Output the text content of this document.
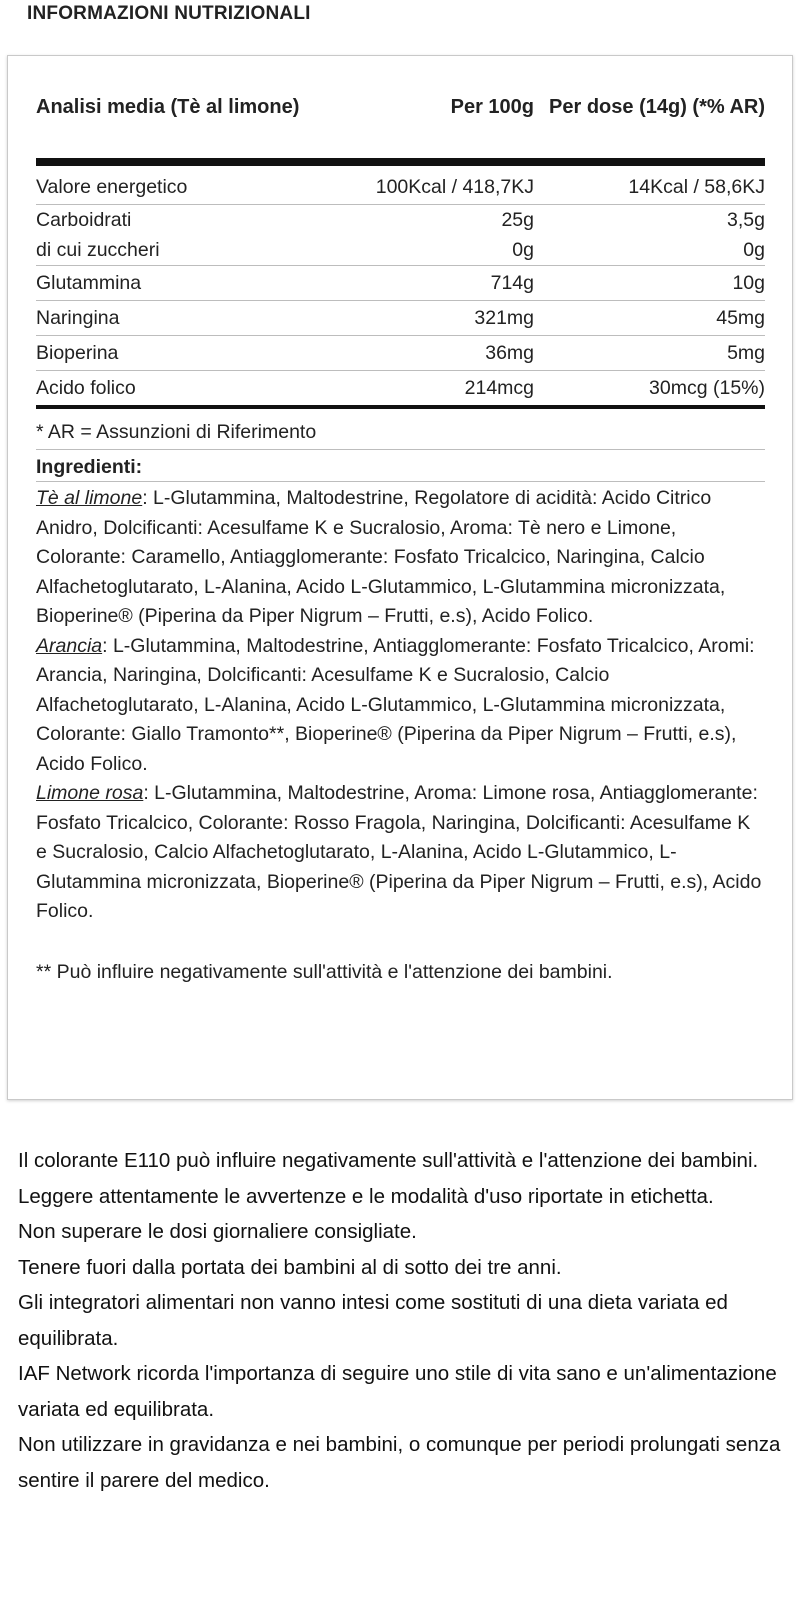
INFORMAZIONI NUTRIZIONALI
Analisi media (Tè al limone)	Per 100g	Per dose (14g) (*% AR)
Valore energetico	100Kcal / 418,7KJ	14Kcal / 58,6KJ
Carboidrati	25g	3,5g
di cui zuccheri	0g	0g
Glutammina	714g	10g
Naringina	321mg	45mg
Bioperina	36mg	5mg
Acido folico	214mcg	30mcg (15%)
* AR = Assunzioni di Riferimento
Ingredienti:

Tè al limone: L-Glutammina, Maltodestrine, Regolatore di acidità: Acido Citrico Anidro, Dolcificanti: Acesulfame K e Sucralosio, Aroma: Tè nero e Limone, Colorante: Caramello, Antiagglomerante: Fosfato Tricalcico, Naringina, Calcio Alfachetoglutarato, L-Alanina, Acido L-Glutammico, L-Glutammina micronizzata, Bioperine® (Piperina da Piper Nigrum – Frutti, e.s), Acido Folico.

Arancia: L-Glutammina, Maltodestrine, Antiagglomerante: Fosfato Tricalcico, Aromi: Arancia, Naringina, Dolcificanti: Acesulfame K e Sucralosio, Calcio Alfachetoglutarato, L-Alanina, Acido L-Glutammico, L-Glutammina micronizzata, Colorante: Giallo Tramonto**, Bioperine® (Piperina da Piper Nigrum – Frutti, e.s), Acido Folico.

Limone rosa: L-Glutammina, Maltodestrine, Aroma: Limone rosa, Antiagglomerante: Fosfato Tricalcico, Colorante: Rosso Fragola, Naringina, Dolcificanti: Acesulfame K e Sucralosio, Calcio Alfachetoglutarato, L-Alanina, Acido L-Glutammico, L-Glutammina micronizzata, Bioperine® (Piperina da Piper Nigrum – Frutti, e.s), Acido Folico.

** Può influire negativamente sull'attività e l'attenzione dei bambini.

Il colorante E110 può influire negativamente sull'attività e l'attenzione dei bambini.

Leggere attentamente le avvertenze e le modalità d'uso riportate in etichetta.

Non superare le dosi giornaliere consigliate.

Tenere fuori dalla portata dei bambini al di sotto dei tre anni.

Gli integratori alimentari non vanno intesi come sostituti di una dieta variata ed equilibrata.

IAF Network ricorda l'importanza di seguire uno stile di vita sano e un'alimentazione variata ed equilibrata.

Non utilizzare in gravidanza e nei bambini, o comunque per periodi prolungati senza sentire il parere del medico.
